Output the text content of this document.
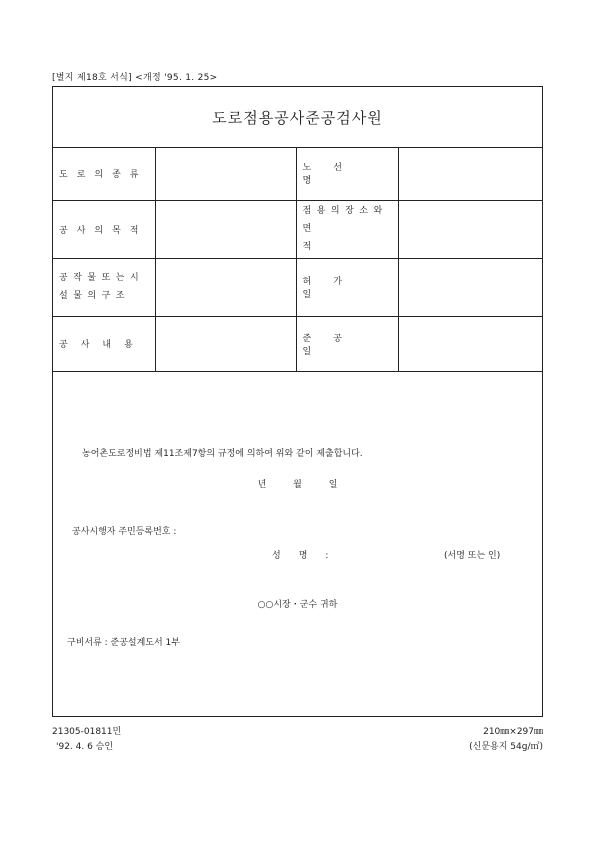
[별지 제18호 서식] <개정 '95. 1. 25>
도로점용공사준공검사원
도로의종류		노선명	
공사의목적		점용의장소와
면적	

공작물또는시
설물의구조		허가일	
공사내용		준공일	
농어촌도로정비법 제11조제7항의 규정에 의하여 위와 같이 제출합니다.
년	월	일
공사시행자 주민등록번호 :
성명:	(서명 또는 인)
○○시장・군수 귀하
구비서류 : 준공설계도서 1부
21305-01811민
'92. 4. 6 승인
210㎜×297㎜
(신문용지 54g/㎡)
